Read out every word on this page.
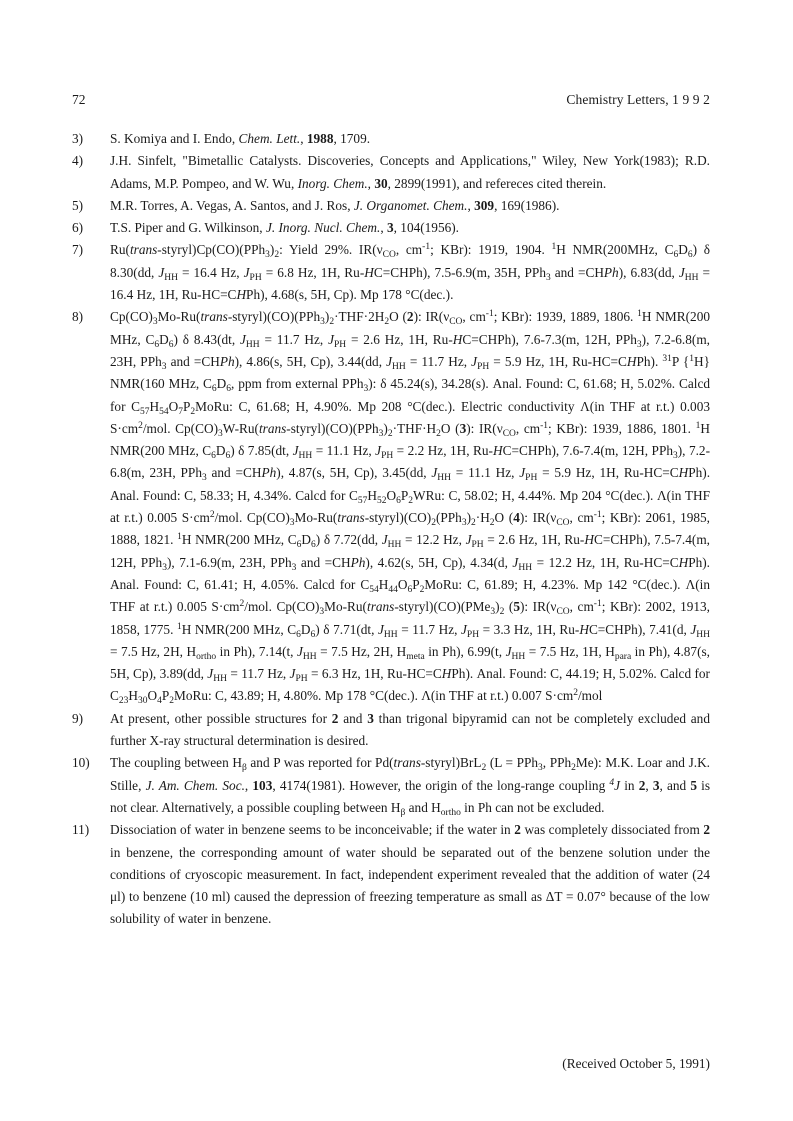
72	Chemistry Letters, 1 9 9 2
3)	S. Komiya and I. Endo, Chem. Lett., 1988, 1709.
4)	J.H. Sinfelt, "Bimetallic Catalysts. Discoveries, Concepts and Applications," Wiley, New York(1983); R.D. Adams, M.P. Pompeo, and W. Wu, Inorg. Chem., 30, 2899(1991), and refereces cited therein.
5)	M.R. Torres, A. Vegas, A. Santos, and J. Ros, J. Organomet. Chem., 309, 169(1986).
6)	T.S. Piper and G. Wilkinson, J. Inorg. Nucl. Chem., 3, 104(1956).
7)	$Ru(trans-styryl)Cp(CO)(PPh_3)_2$: Yield 29%. $IR(\nu_{CO}$, $cm^{-1}$; KBr): 1919, 1904. $^1$H NMR(200MHz, $C_6D_6$) δ 8.30(dd, $J_{HH} = 16.4$ Hz, $J_{PH} = 6.8$ Hz, 1H, Ru-HC=CHPh), 7.5-6.9(m, 35H, PPh$_3$ and =CHPh), 6.83(dd, $J_{HH} = 16.4$ Hz, 1H, Ru-HC=CHPh), 4.68(s, 5H, Cp). Mp 178 °C(dec.).
8)	$Cp(CO)_3Mo-Ru(trans-styryl)(CO)(PPh_3)_2\cdot THF\cdot 2H_2O$ (2): $IR(\nu_{CO}$, $cm^{-1}$; KBr): 1939, 1889, 1806. $^1$H NMR(200 MHz, $C_6D_6$) δ 8.43(dt, $J_{HH} = 11.7$ Hz, $J_{PH} = 2.6$ Hz, 1H, Ru-HC=CHPh), 7.6-7.3(m, 12H, PPh$_3$), 7.2-6.8(m, 23H, PPh$_3$ and =CHPh), 4.86(s, 5H, Cp), 3.44(dd, $J_{HH} = 11.7$ Hz, $J_{PH} = 5.9$ Hz, 1H, Ru-HC=CHPh). $^{31}$P {$^1$H} NMR(160 MHz, $C_6D_6$, ppm from external PPh$_3$): δ 45.24(s), 34.28(s). Anal. Found: C, 61.68; H, 5.02%. Calcd for $C_{57}H_{54}O_7P_2MoRu$: C, 61.68; H, 4.90%. Mp 208 °C(dec.). Electric conductivity Λ(in THF at r.t.) 0.003 $S\cdot cm^2$/mol. $Cp(CO)_3W-Ru(trans-styryl)(CO)(PPh_3)_2\cdot THF\cdot H_2O$ (3): $IR(\nu_{CO}$, $cm^{-1}$; KBr): 1939, 1886, 1801. $^1$H NMR(200 MHz, $C_6D_6$) δ 7.85(dt, $J_{HH} = 11.1$ Hz, $J_{PH} = 2.2$ Hz, 1H, Ru-HC=CHPh), 7.6-7.4(m, 12H, PPh$_3$), 7.2-6.8(m, 23H, PPh$_3$ and =CHPh), 4.87(s, 5H, Cp), 3.45(dd, $J_{HH} = 11.1$ Hz, $J_{PH} = 5.9$ Hz, 1H, Ru-HC=CHPh). Anal. Found: C, 58.33; H, 4.34%. Calcd for $C_{57}H_{52}O_6P_2WRu$: C, 58.02; H, 4.44%. Mp 204 °C(dec.). Λ(in THF at r.t.) 0.005 $S\cdot cm^2$/mol. $Cp(CO)_3Mo-Ru(trans-styryl)(CO)_2(PPh_3)_2\cdot H_2O$ (4): $IR(\nu_{CO}$, $cm^{-1}$; KBr): 2061, 1985, 1888, 1821. $^1$H NMR(200 MHz, $C_6D_6$) δ 7.72(dd, $J_{HH} = 12.2$ Hz, $J_{PH} = 2.6$ Hz, 1H, Ru-HC=CHPh), 7.5-7.4(m, 12H, PPh$_3$), 7.1-6.9(m, 23H, PPh$_3$ and =CHPh), 4.62(s, 5H, Cp), 4.34(d, $J_{HH} = 12.2$ Hz, 1H, Ru-HC=CHPh). Anal. Found: C, 61.41; H, 4.05%. Calcd for $C_{54}H_{44}O_6P_2MoRu$: C, 61.89; H, 4.23%. Mp 142 °C(dec.). Λ(in THF at r.t.) 0.005 $S\cdot cm^2$/mol. $Cp(CO)_3Mo-Ru(trans-styryl)(CO)(PMe_3)_2$ (5): $IR(\nu_{CO}$, $cm^{-1}$; KBr): 2002, 1913, 1858, 1775. $^1$H NMR(200 MHz, $C_6D_6$) δ 7.71(dt, $J_{HH} = 11.7$ Hz, $J_{PH} = 3.3$ Hz, 1H, Ru-HC=CHPh), 7.41(d, $J_{HH} = 7.5$ Hz, 2H, $H_{ortho}$ in Ph), 7.14(t, $J_{HH} = 7.5$ Hz, 2H, $H_{meta}$ in Ph), 6.99(t, $J_{HH} = 7.5$ Hz, 1H, $H_{para}$ in Ph), 4.87(s, 5H, Cp), 3.89(dd, $J_{HH} = 11.7$ Hz, $J_{PH} = 6.3$ Hz, 1H, Ru-HC=CHPh). Anal. Found: C, 44.19; H, 5.02%. Calcd for $C_{23}H_{30}O_4P_2MoRu$: C, 43.89; H, 4.80%. Mp 178 °C(dec.). Λ(in THF at r.t.) 0.007 $S\cdot cm^2$/mol
9)	At present, other possible structures for 2 and 3 than trigonal bipyramid can not be completely excluded and further X-ray structural determination is desired.
10)	The coupling between $H_\beta$ and P was reported for Pd(trans-styryl)BrL$_2$ (L = PPh$_3$, PPh$_2$Me): M.K. Loar and J.K. Stille, J. Am. Chem. Soc., 103, 4174(1981). However, the origin of the long-range coupling $^4$J in 2, 3, and 5 is not clear. Alternatively, a possible coupling between $H_\beta$ and $H_{ortho}$ in Ph can not be excluded.
11)	Dissociation of water in benzene seems to be inconceivable; if the water in 2 was completely dissociated from 2 in benzene, the corresponding amount of water should be separated out of the benzene solution under the conditions of cryoscopic measurement. In fact, independent experiment revealed that the addition of water (24 μl) to benzene (10 ml) caused the depression of freezing temperature as small as ΔT = 0.07° because of the low solubility of water in benzene.
(Received October 5, 1991)
